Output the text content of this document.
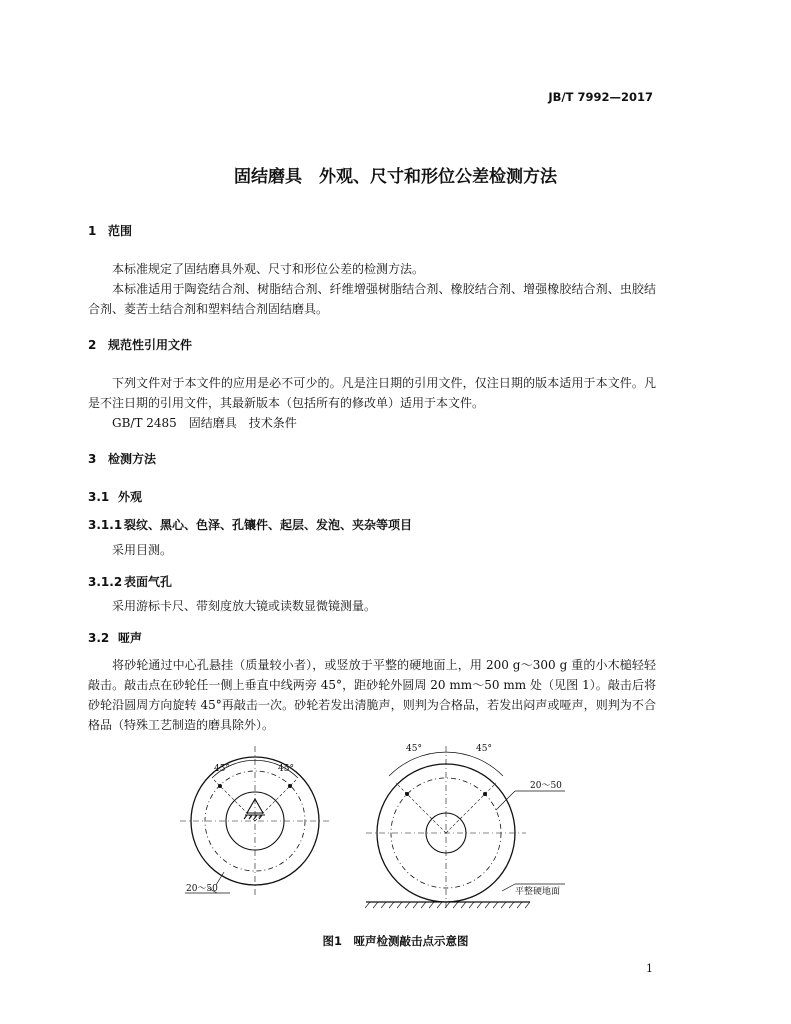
JB/T 7992—2017
固结磨具　外观、尺寸和形位公差检测方法
1 范围

本标准规定了固结磨具外观、尺寸和形位公差的检测方法。

本标准适用于陶瓷结合剂、树脂结合剂、纤维增强树脂结合剂、橡胶结合剂、增强橡胶结合剂、虫胶结合剂、菱苦土结合剂和塑料结合剂固结磨具。

2 规范性引用文件

下列文件对于本文件的应用是必不可少的。凡是注日期的引用文件，仅注日期的版本适用于本文件。凡是不注日期的引用文件，其最新版本（包括所有的修改单）适用于本文件。

GB/T 2485　固结磨具　技术条件

3 检测方法
3.1 外观
3.1.1 裂纹、黑心、色泽、孔镶件、起层、发泡、夹杂等项目

采用目测。

3.1.2 表面气孔

采用游标卡尺、带刻度放大镜或读数显微镜测量。

3.2 哑声

将砂轮通过中心孔悬挂（质量较小者），或竖放于平整的硬地面上，用 200 g～300 g 重的小木槌轻轻敲击。敲击点在砂轮任一侧上垂直中线两旁 45°，距砂轮外圆周 20 mm～50 mm 处（见图 1）。敲击后将砂轮沿圆周方向旋转 45°再敲击一次。砂轮若发出清脆声，则判为合格品，若发出闷声或哑声，则判为不合格品（特殊工艺制造的磨具除外）。

45°	45°
20～50
45°	45°
20～50
平整硬地面
图1　哑声检测敲击点示意图
1
